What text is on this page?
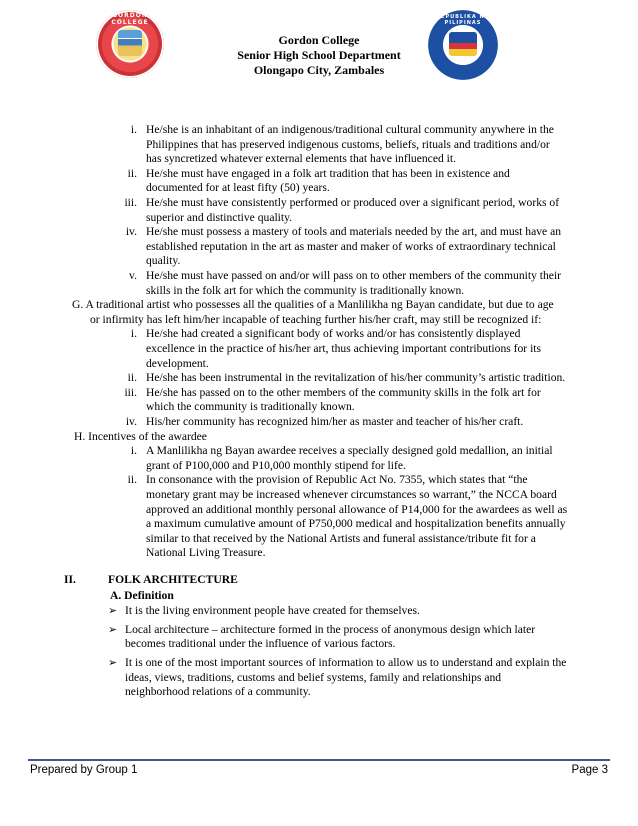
GORDON COLLEGE
REPUBLIKA NG PILIPINAS
Gordon College
Senior High School Department
Olongapo City, Zambales
i. He/she is an inhabitant of an indigenous/traditional cultural community anywhere in the
Philippines that has preserved indigenous customs, beliefs, rituals and traditions and/or
has syncretized whatever external elements that have influenced it.
ii. He/she must have engaged in a folk art tradition that has been in existence and
documented for at least fifty (50) years.
iii. He/she must have consistently performed or produced over a significant period, works of
superior and distinctive quality.
iv. He/she must possess a mastery of tools and materials needed by the art, and must have an
established reputation in the art as master and maker of works of extraordinary technical
quality.
v. He/she must have passed on and/or will pass on to other members of the community their
skills in the folk art for which the community is traditionally known.
G. A traditional artist who possesses all the qualities of a Manlilikha ng Bayan candidate, but due to age
or infirmity has left him/her incapable of teaching further his/her craft, may still be recognized if:
i. He/she had created a significant body of works and/or has consistently displayed
excellence in the practice of his/her art, thus achieving important contributions for its
development.
ii. He/she has been instrumental in the revitalization of his/her community’s artistic tradition.
iii. He/she has passed on to the other members of the community skills in the folk art for
which the community is traditionally known.
iv. His/her community has recognized him/her as master and teacher of his/her craft.
H. Incentives of the awardee
i. A Manlilikha ng Bayan awardee receives a specially designed gold medallion, an initial
grant of P100,000 and P10,000 monthly stipend for life.
ii. In consonance with the provision of Republic Act No. 7355, which states that “the
monetary grant may be increased whenever circumstances so warrant,” the NCCA board
approved an additional monthly personal allowance of P14,000 for the awardees as well as
a maximum cumulative amount of P750,000 medical and hospitalization benefits annually
similar to that received by the National Artists and funeral assistance/tribute fit for a
National Living Treasure.
II.	FOLK ARCHITECTURE
A. Definition
➢ It is the living environment people have created for themselves.
➢ Local architecture – architecture formed in the process of anonymous design which later
becomes traditional under the influence of various factors.
➢ It is one of the most important sources of information to allow us to understand and explain the
ideas, views, traditions, customs and belief systems, family and relationships and
neighborhood relations of a community.
Prepared by Group 1	Page 3
